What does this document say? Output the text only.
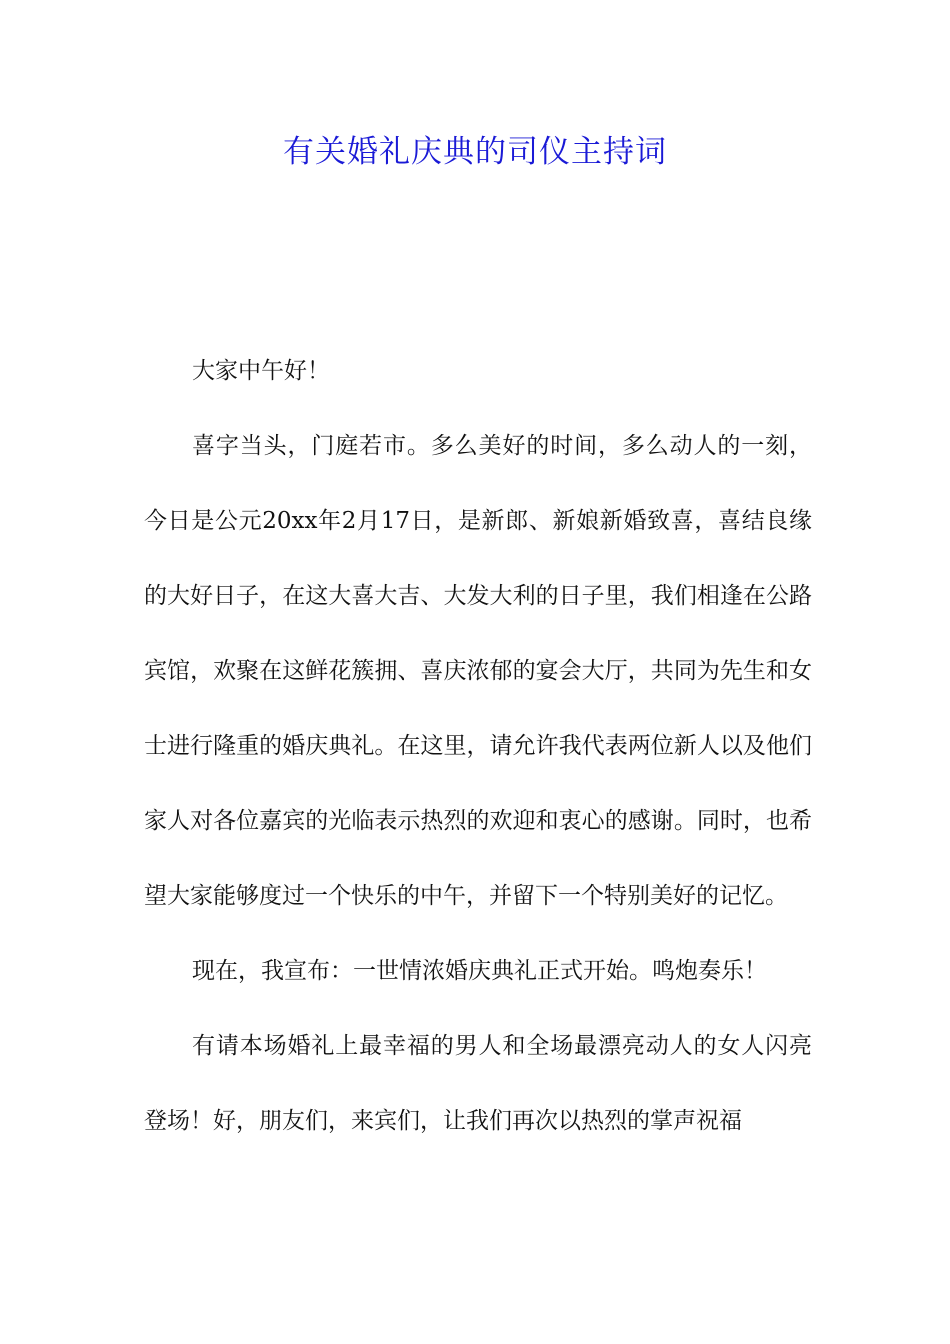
有关婚礼庆典的司仪主持词

大家中午好！

喜字当头，门庭若市。多么美好的时间，多么动人的一刻，今日是公元20xx年2月17日，是新郎、新娘新婚致喜，喜结良缘的大好日子，在这大喜大吉、大发大利的日子里，我们相逢在公路宾馆，欢聚在这鲜花簇拥、喜庆浓郁的宴会大厅，共同为先生和女士进行隆重的婚庆典礼。在这里，请允许我代表两位新人以及他们家人对各位嘉宾的光临表示热烈的欢迎和衷心的感谢。同时，也希望大家能够度过一个快乐的中午，并留下一个特别美好的记忆。

现在，我宣布：一世情浓婚庆典礼正式开始。鸣炮奏乐！

有请本场婚礼上最幸福的男人和全场最漂亮动人的女人闪亮登场！好，朋友们，来宾们，让我们再次以热烈的掌声祝福
